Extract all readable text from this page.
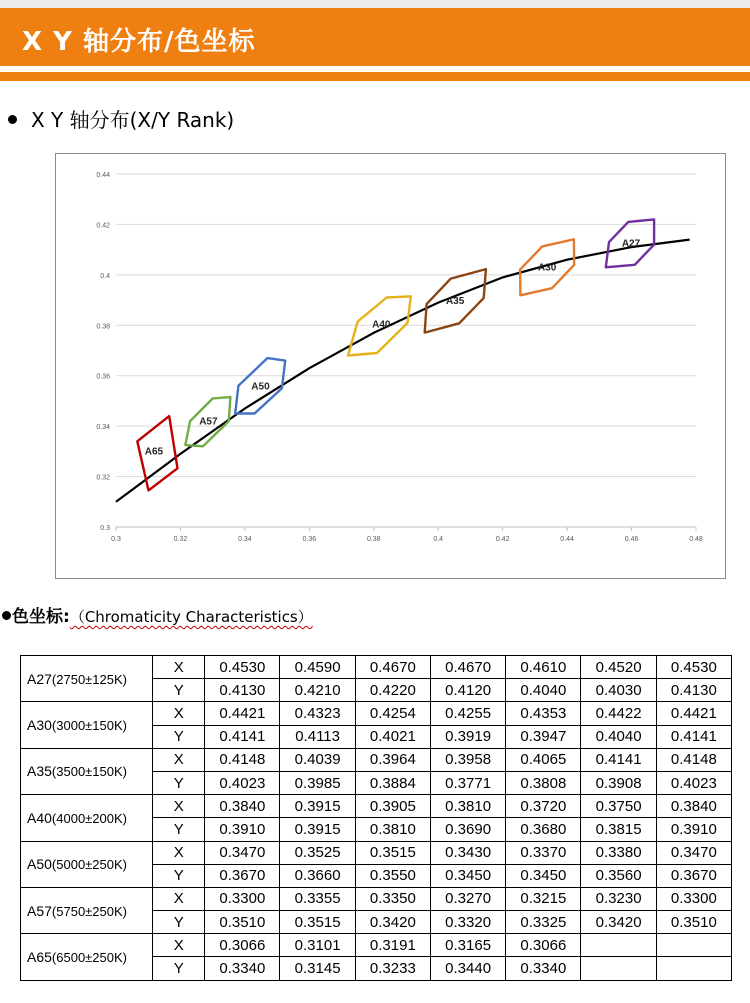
X Y 轴分布/色坐标
X Y 轴分布(X/Y Rank)
0.3
0.32
0.34
0.36
0.38
0.4
0.42
0.44
0.3	0.32	0.34	0.36	0.38	0.4	0.42	0.44	0.46	0.48
A27
A30
A35
A40
A50
A57
A65
色坐标:（Chromaticity Characteristics）
A27(2750±125K)	X	0.4530	0.4590	0.4670	0.4670	0.4610	0.4520	0.4530
	Y	0.4130	0.4210	0.4220	0.4120	0.4040	0.4030	0.4130
A30(3000±150K)	X	0.4421	0.4323	0.4254	0.4255	0.4353	0.4422	0.4421
	Y	0.4141	0.4113	0.4021	0.3919	0.3947	0.4040	0.4141
A35(3500±150K)	X	0.4148	0.4039	0.3964	0.3958	0.4065	0.4141	0.4148
	Y	0.4023	0.3985	0.3884	0.3771	0.3808	0.3908	0.4023
A40(4000±200K)	X	0.3840	0.3915	0.3905	0.3810	0.3720	0.3750	0.3840
	Y	0.3910	0.3915	0.3810	0.3690	0.3680	0.3815	0.3910
A50(5000±250K)	X	0.3470	0.3525	0.3515	0.3430	0.3370	0.3380	0.3470
	Y	0.3670	0.3660	0.3550	0.3450	0.3450	0.3560	0.3670
A57(5750±250K)	X	0.3300	0.3355	0.3350	0.3270	0.3215	0.3230	0.3300
	Y	0.3510	0.3515	0.3420	0.3320	0.3325	0.3420	0.3510
A65(6500±250K)	X	0.3066	0.3101	0.3191	0.3165	0.3066		
	Y	0.3340	0.3145	0.3233	0.3440	0.3340		
